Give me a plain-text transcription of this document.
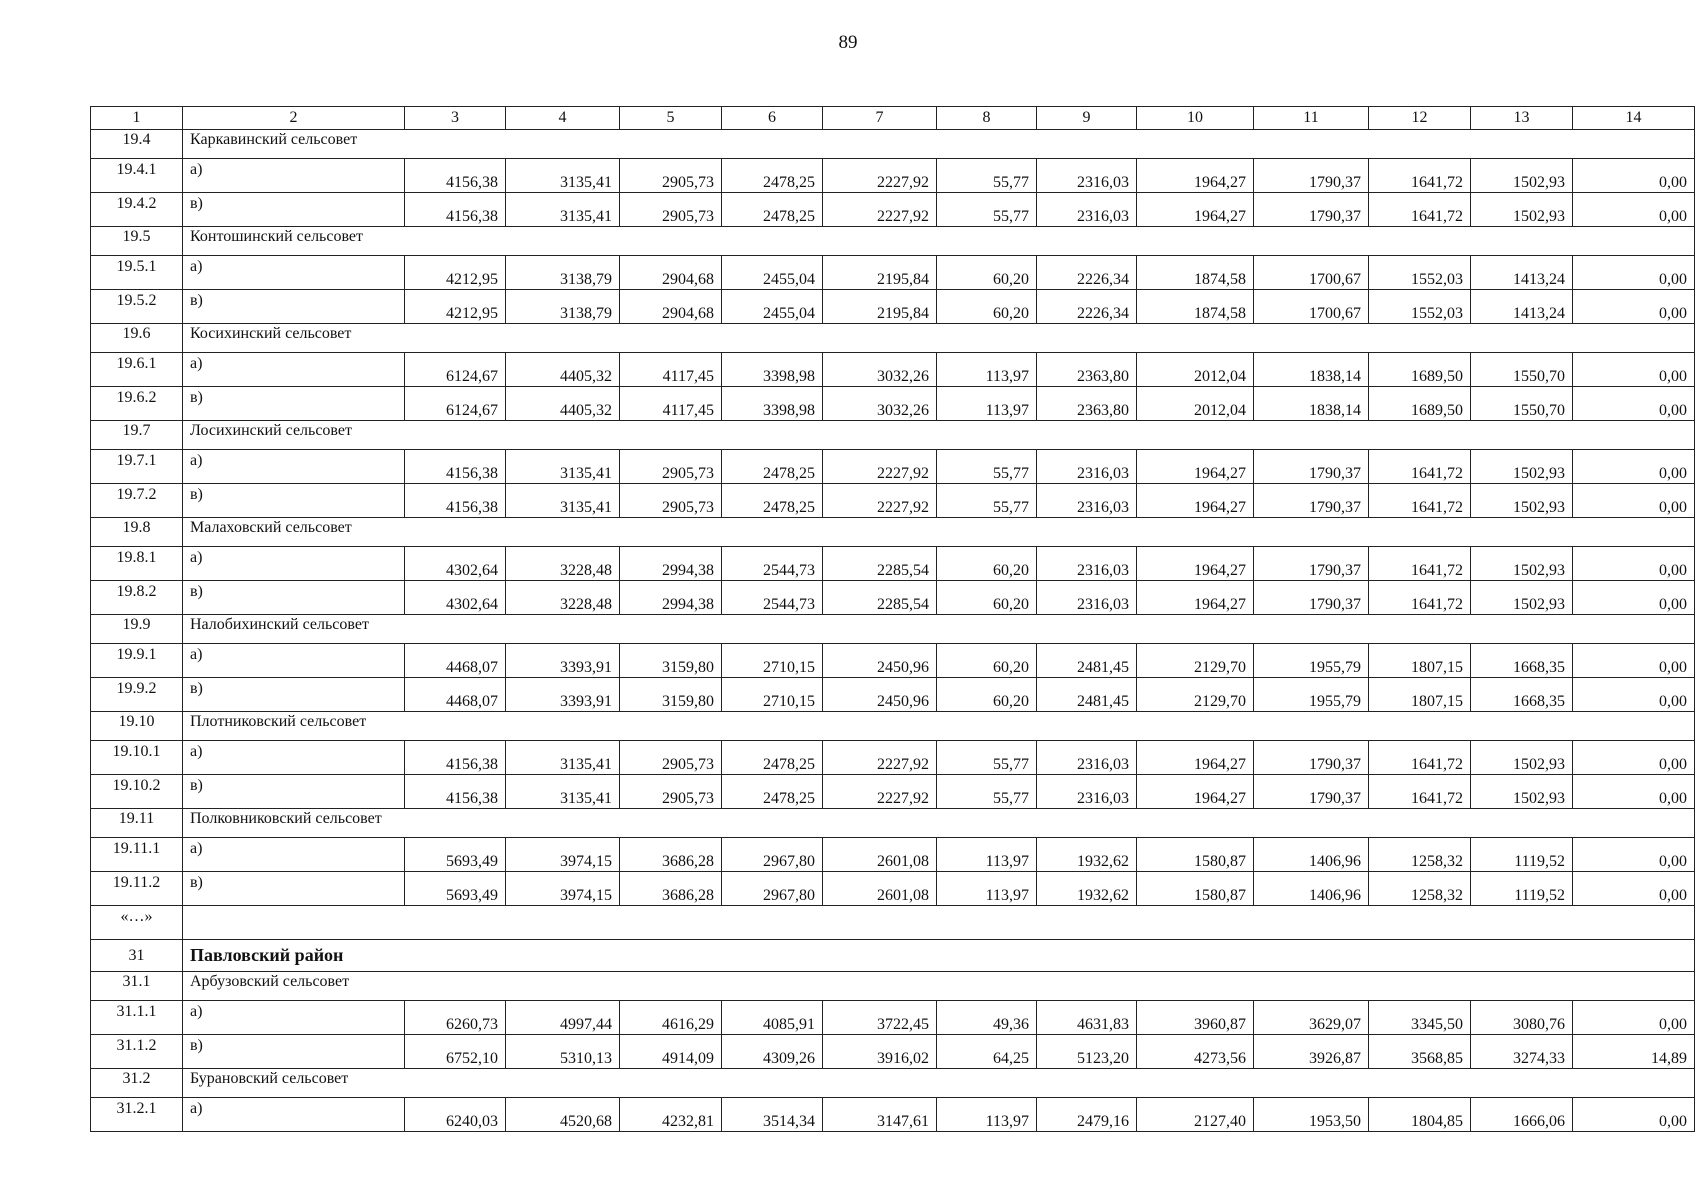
89
1	2	3	4	5	6	7	8	9	10	11	12	13	14
19.4	Каркавинский сельсовет												
19.4.1	а)	4156,38	3135,41	2905,73	2478,25	2227,92	55,77	2316,03	1964,27	1790,37	1641,72	1502,93	0,00
19.4.2	в)	4156,38	3135,41	2905,73	2478,25	2227,92	55,77	2316,03	1964,27	1790,37	1641,72	1502,93	0,00
19.5	Контошинский сельсовет												
19.5.1	а)	4212,95	3138,79	2904,68	2455,04	2195,84	60,20	2226,34	1874,58	1700,67	1552,03	1413,24	0,00
19.5.2	в)	4212,95	3138,79	2904,68	2455,04	2195,84	60,20	2226,34	1874,58	1700,67	1552,03	1413,24	0,00
19.6	Косихинский сельсовет												
19.6.1	а)	6124,67	4405,32	4117,45	3398,98	3032,26	113,97	2363,80	2012,04	1838,14	1689,50	1550,70	0,00
19.6.2	в)	6124,67	4405,32	4117,45	3398,98	3032,26	113,97	2363,80	2012,04	1838,14	1689,50	1550,70	0,00
19.7	Лосихинский сельсовет												
19.7.1	а)	4156,38	3135,41	2905,73	2478,25	2227,92	55,77	2316,03	1964,27	1790,37	1641,72	1502,93	0,00
19.7.2	в)	4156,38	3135,41	2905,73	2478,25	2227,92	55,77	2316,03	1964,27	1790,37	1641,72	1502,93	0,00
19.8	Малаховский сельсовет												
19.8.1	а)	4302,64	3228,48	2994,38	2544,73	2285,54	60,20	2316,03	1964,27	1790,37	1641,72	1502,93	0,00
19.8.2	в)	4302,64	3228,48	2994,38	2544,73	2285,54	60,20	2316,03	1964,27	1790,37	1641,72	1502,93	0,00
19.9	Налобихинский сельсовет												
19.9.1	а)	4468,07	3393,91	3159,80	2710,15	2450,96	60,20	2481,45	2129,70	1955,79	1807,15	1668,35	0,00
19.9.2	в)	4468,07	3393,91	3159,80	2710,15	2450,96	60,20	2481,45	2129,70	1955,79	1807,15	1668,35	0,00
19.10	Плотниковский сельсовет												
19.10.1	а)	4156,38	3135,41	2905,73	2478,25	2227,92	55,77	2316,03	1964,27	1790,37	1641,72	1502,93	0,00
19.10.2	в)	4156,38	3135,41	2905,73	2478,25	2227,92	55,77	2316,03	1964,27	1790,37	1641,72	1502,93	0,00
19.11	Полковниковский сельсовет												
19.11.1	а)	5693,49	3974,15	3686,28	2967,80	2601,08	113,97	1932,62	1580,87	1406,96	1258,32	1119,52	0,00
19.11.2	в)	5693,49	3974,15	3686,28	2967,80	2601,08	113,97	1932,62	1580,87	1406,96	1258,32	1119,52	0,00
«…»													
31	Павловский район												
31.1	Арбузовский сельсовет												
31.1.1	а)	6260,73	4997,44	4616,29	4085,91	3722,45	49,36	4631,83	3960,87	3629,07	3345,50	3080,76	0,00
31.1.2	в)	6752,10	5310,13	4914,09	4309,26	3916,02	64,25	5123,20	4273,56	3926,87	3568,85	3274,33	14,89
31.2	Бурановский сельсовет												
31.2.1	а)	6240,03	4520,68	4232,81	3514,34	3147,61	113,97	2479,16	2127,40	1953,50	1804,85	1666,06	0,00
